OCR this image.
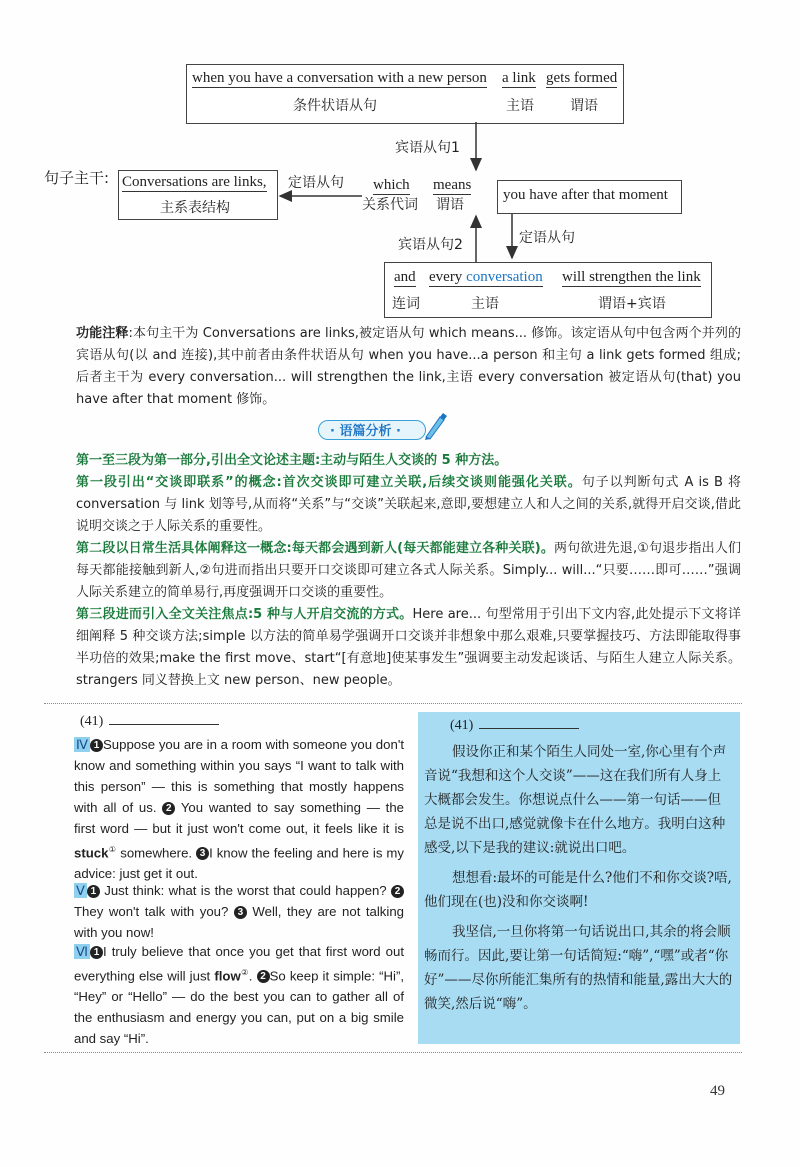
when you have a conversation with a new person
条件状语从句
a link
主语
gets formed
谓语
宾语从句1
句子主干: Conversations are links,
主系表结构
定语从句 which means
关系代词 谓语
you have after that moment
定语从句
宾语从句2
and
连词
every conversation
主语
will strengthen the link
谓语+宾语
功能注释:本句主干为 Conversations are links,被定语从句 which means... 修饰。该定语从句中包含两个并列的宾语从句(以 and 连接),其中前者由条件状语从句 when you have...a person 和主句 a link gets formed 组成;后者主干为 every conversation... will strengthen the link,主语 every conversation 被定语从句(that) you have after that moment 修饰。
· 语篇分析 ·
第一至三段为第一部分,引出全文论述主题:主动与陌生人交谈的 5 种方法。
第一段引出“交谈即联系”的概念:首次交谈即可建立关联,后续交谈则能强化关联。句子以判断句式 A is B 将 conversation 与 link 划等号,从而将“关系”与“交谈”关联起来,意即,要想建立人和人之间的关系,就得开启交谈,借此说明交谈之于人际关系的重要性。
第二段以日常生活具体阐释这一概念:每天都会遇到新人(每天都能建立各种关联)。两句欲进先退,①句退步指出人们每天都能接触到新人,②句进而指出只要开口交谈即可建立各式人际关系。Simply... will...“只要……即可……”强调人际关系建立的简单易行,再度强调开口交谈的重要性。
第三段进而引入全文关注焦点:5 种与人开启交流的方式。Here are... 句型常用于引出下文内容,此处提示下文将详细阐释 5 种交谈方法;simple 以方法的简单易学强调开口交谈并非想象中那么艰难,只要掌握技巧、方法即能取得事半功倍的效果;make the first move、start“[有意地]使某事发生”强调要主动发起谈话、与陌生人建立人际关系。strangers 同义替换上文 new person、new people。
(41)
Ⅳ 1 Suppose you are in a room with someone you don't know and something within you says “I want to talk with this person” — this is something that mostly happens with all of us. 2 You wanted to say something — the first word — but it just won't come out, it feels like it is stuck① somewhere. 3 I know the feeling and here is my advice: just get it out.
Ⅴ 1 Just think: what is the worst that could happen? 2 They won't talk with you? 3 Well, they are not talking with you now!
Ⅵ 1 I truly believe that once you get that first word out everything else will just flow②. 2 So keep it simple: “Hi”, “Hey” or “Hello” — do the best you can to gather all of the enthusiasm and energy you can, put on a big smile and say “Hi”.
(41)

假设你正和某个陌生人同处一室,你心里有个声音说“我想和这个人交谈”——这在我们所有人身上大概都会发生。你想说点什么——第一句话——但总是说不出口,感觉就像卡在什么地方。我明白这种感受,以下是我的建议:就说出口吧。

想想看:最坏的可能是什么?他们不和你交谈?唔,他们现在(也)没和你交谈啊!

我坚信,一旦你将第一句话说出口,其余的将会顺畅而行。因此,要让第一句话简短:“嗨”,“嘿”或者“你好”——尽你所能汇集所有的热情和能量,露出大大的微笑,然后说“嗨”。

49
